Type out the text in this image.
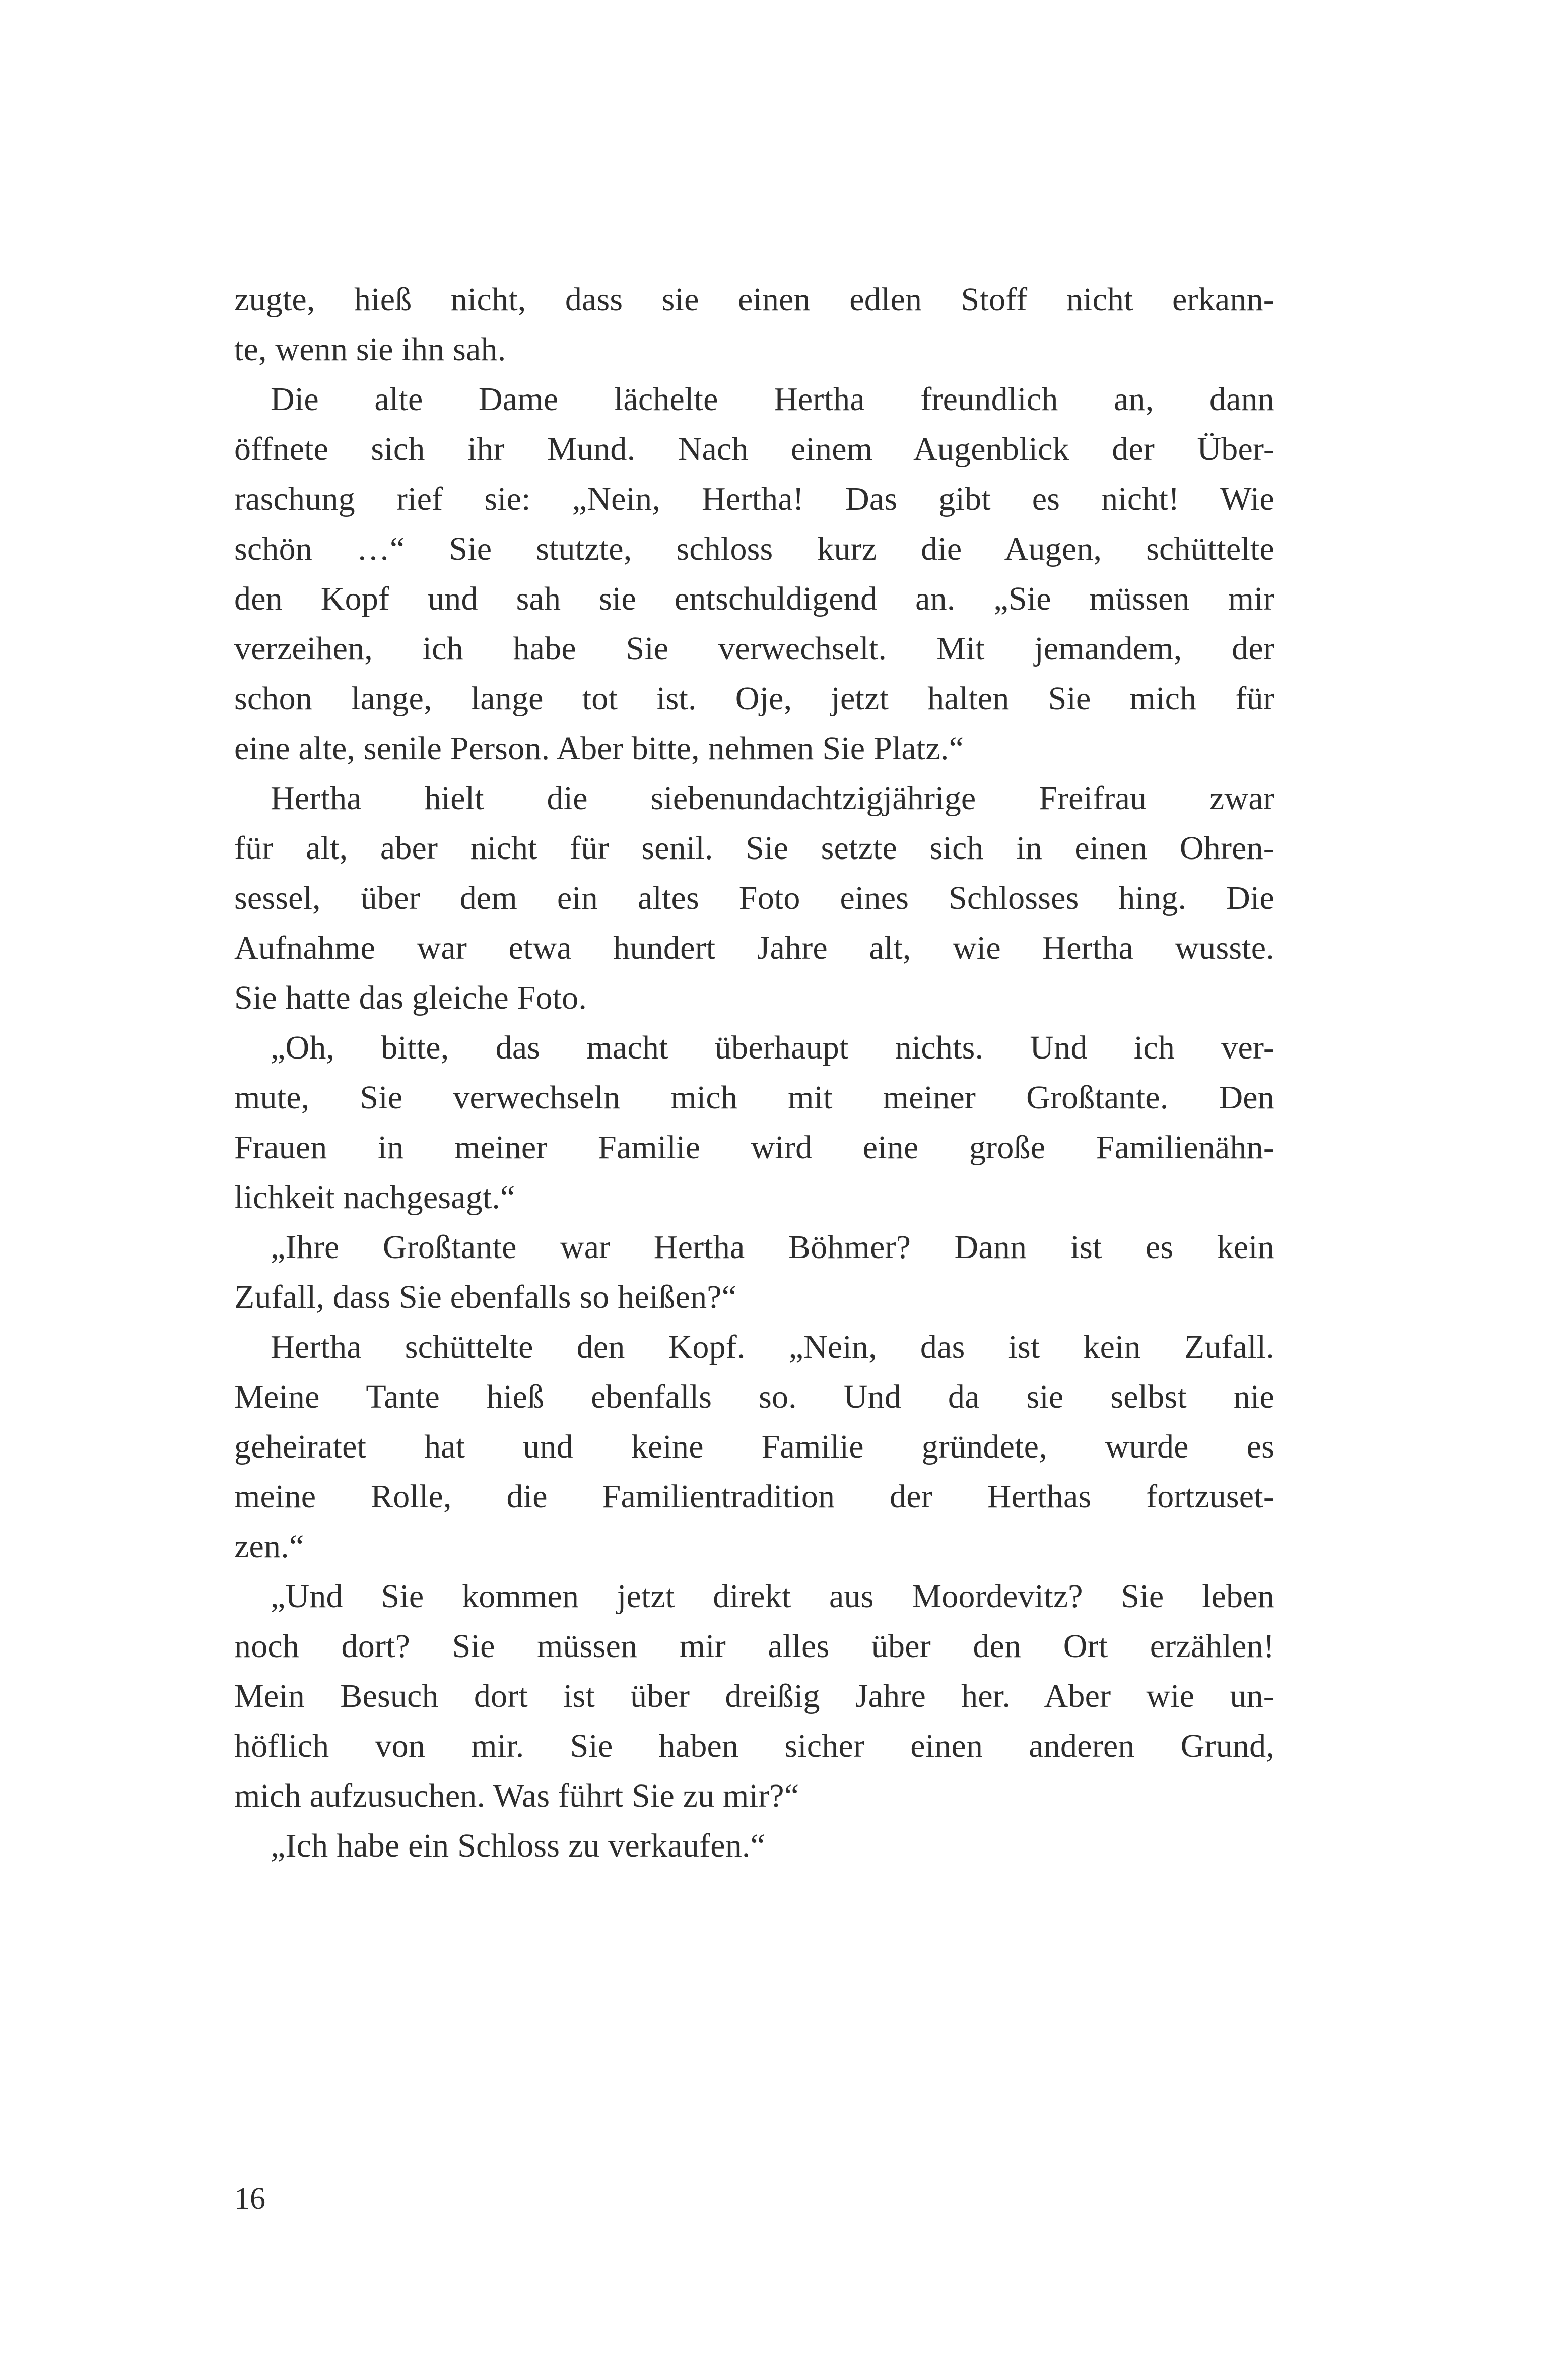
zugte, hieß nicht, dass sie einen edlen Stoff nicht erkann-
te, wenn sie ihn sah.
Die alte Dame lächelte Hertha freundlich an, dann
öffnete sich ihr Mund. Nach einem Augenblick der Über-
raschung rief sie: „Nein, Hertha! Das gibt es nicht! Wie
schön …“ Sie stutzte, schloss kurz die Augen, schüttelte
den Kopf und sah sie entschuldigend an. „Sie müssen mir
verzeihen, ich habe Sie verwechselt. Mit jemandem, der
schon lange, lange tot ist. Oje, jetzt halten Sie mich für
eine alte, senile Person. Aber bitte, nehmen Sie Platz.“
Hertha hielt die siebenundachtzigjährige Freifrau zwar
für alt, aber nicht für senil. Sie setzte sich in einen Ohren-
sessel, über dem ein altes Foto eines Schlosses hing. Die
Aufnahme war etwa hundert Jahre alt, wie Hertha wusste.
Sie hatte das gleiche Foto.
„Oh, bitte, das macht überhaupt nichts. Und ich ver-
mute, Sie verwechseln mich mit meiner Großtante. Den
Frauen in meiner Familie wird eine große Familienähn-
lichkeit nachgesagt.“
„Ihre Großtante war Hertha Böhmer? Dann ist es kein
Zufall, dass Sie ebenfalls so heißen?“
Hertha schüttelte den Kopf. „Nein, das ist kein Zufall.
Meine Tante hieß ebenfalls so. Und da sie selbst nie
geheiratet hat und keine Familie gründete, wurde es
meine Rolle, die Familientradition der Herthas fortzuset-
zen.“
„Und Sie kommen jetzt direkt aus Moordevitz? Sie leben
noch dort? Sie müssen mir alles über den Ort erzählen!
Mein Besuch dort ist über dreißig Jahre her. Aber wie un-
höflich von mir. Sie haben sicher einen anderen Grund,
mich aufzusuchen. Was führt Sie zu mir?“
„Ich habe ein Schloss zu verkaufen.“
16
